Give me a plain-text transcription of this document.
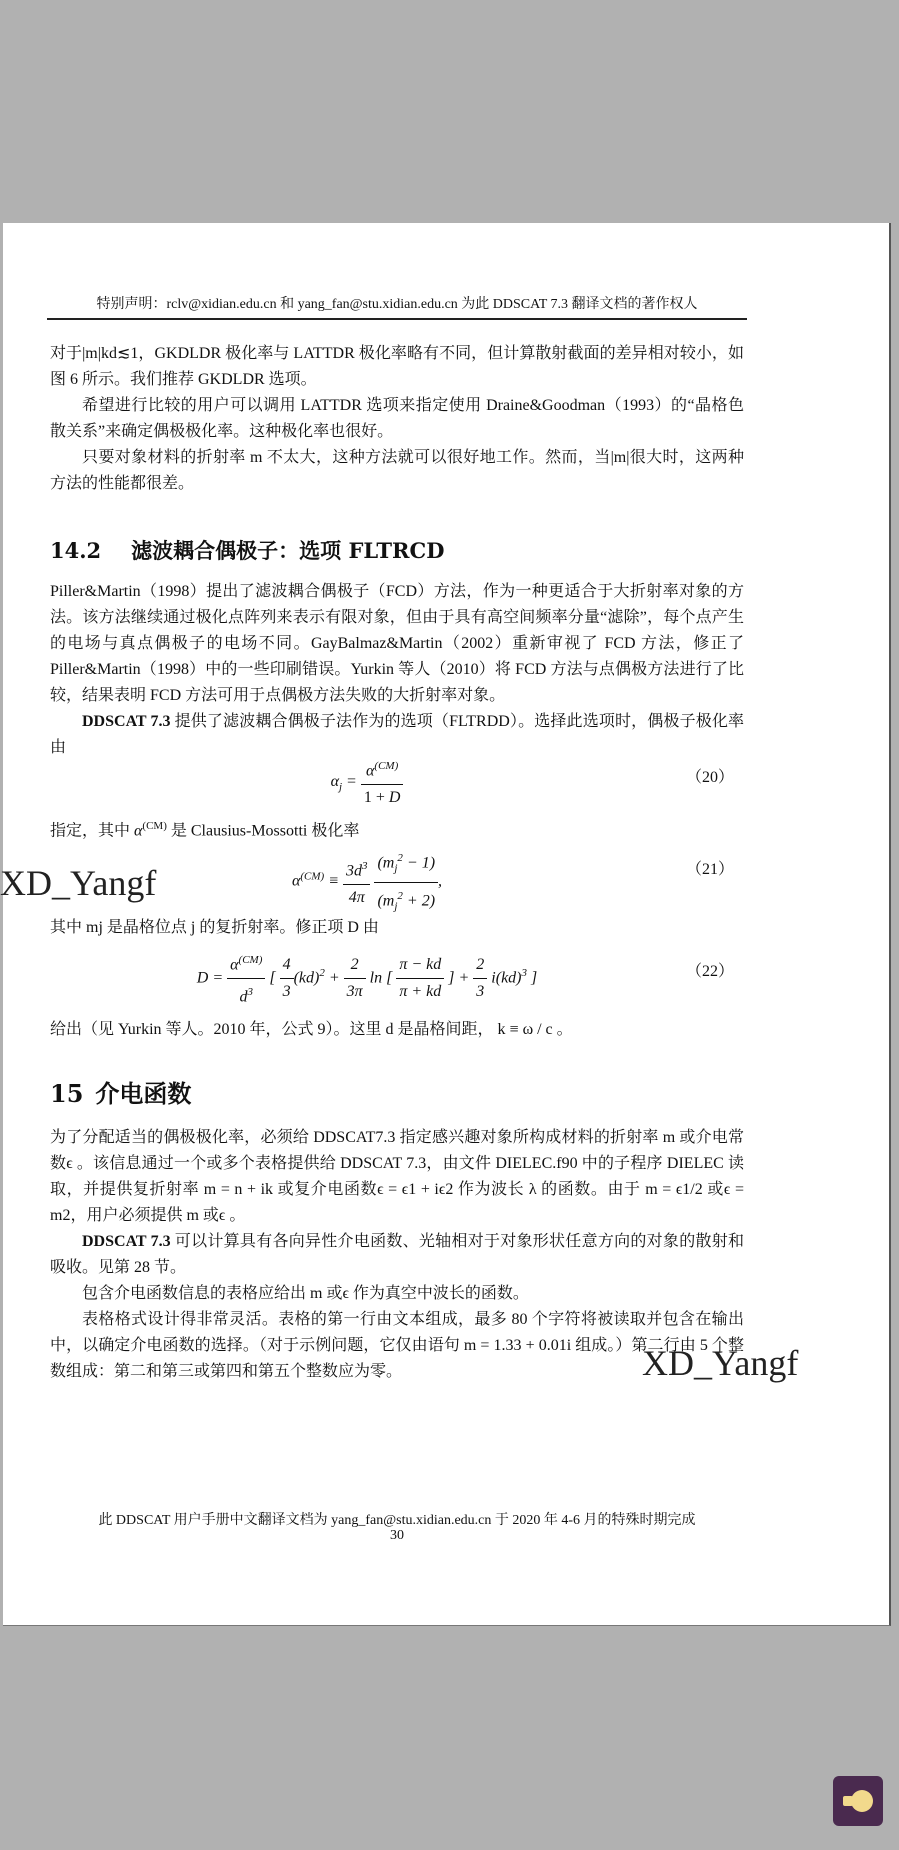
特别声明：rclv@xidian.edu.cn 和 yang_fan@stu.xidian.edu.cn 为此 DDSCAT 7.3 翻译文档的著作权人

对于|m|kd≲1，GKDLDR 极化率与 LATTDR 极化率略有不同，但计算散射截面的差异相对较小，如图 6 所示。我们推荐 GKDLDR 选项。

希望进行比较的用户可以调用 LATTDR 选项来指定使用 Draine&Goodman（1993）的“晶格色散关系”来确定偶极极化率。这种极化率也很好。

只要对象材料的折射率 m 不太大，这种方法就可以很好地工作。然而，当|m|很大时，这两种方法的性能都很差。

14.2 滤波耦合偶极子：选项 FLTRCD

Piller&Martin（1998）提出了滤波耦合偶极子（FCD）方法，作为一种更适合于大折射率对象的方法。该方法继续通过极化点阵列来表示有限对象，但由于具有高空间频率分量“滤除”，每个点产生的电场与真点偶极子的电场不同。GayBalmaz&Martin（2002）重新审视了 FCD 方法，修正了 Piller&Martin（1998）中的一些印刷错误。Yurkin 等人（2010）将 FCD 方法与点偶极方法进行了比较，结果表明 FCD 方法可用于点偶极方法失败的大折射率对象。

DDSCAT 7.3 提供了滤波耦合偶极子法作为的选项（FLTRDD）。选择此选项时，偶极子极化率由

$\alpha_j = \frac{\alpha^{(CM)}}{1 + D}$	（20）

指定，其中 $\alpha^{(CM)}$ 是 Clausius-Mossotti 极化率

$\alpha^{(CM)} \equiv \frac{3d^3}{4\pi}$
$\frac{(m_j^2 - 1)}{(m_j^2 + 2)}$ ,
（21）

其中 mj 是晶格位点 j 的复折射率。修正项 D 由

$D = \frac{\alpha^{(CM)}}{d^3}$ [ $\frac{4}{3} (kd)^2 + \frac{2}{3\pi}$ ln [ $\frac{\pi - kd}{\pi + kd}$ ] + $\frac{2}{3} i(kd)^3$ ]	（22）

给出（见 Yurkin 等人。2010 年，公式 9）。这里 d 是晶格间距， k ≡ ω / c 。

15 介电函数

为了分配适当的偶极极化率，必须给 DDSCAT7.3 指定感兴趣对象所构成材料的折射率 m 或介电常数ϵ 。该信息通过一个或多个表格提供给 DDSCAT 7.3，由文件 DIELEC.f90 中的子程序 DIELEC 读取，并提供复折射率 m = n + ik 或复介电函数ϵ = ϵ1 + iϵ2 作为波长 λ 的函数。由于 m = ϵ1/2 或ϵ = m2，用户必须提供 m 或ϵ 。

DDSCAT 7.3 可以计算具有各向异性介电函数、光轴相对于对象形状任意方向的对象的散射和吸收。见第 28 节。

包含介电函数信息的表格应给出 m 或ϵ 作为真空中波长的函数。

表格格式设计得非常灵活。表格的第一行由文本组成，最多 80 个字符将被读取并包含在输出中，以确定介电函数的选择。（对于示例问题，它仅由语句 m = 1.33 + 0.01i 组成。）第二行由 5 个整数组成：第二和第三或第四和第五个整数应为零。

此 DDSCAT 用户手册中文翻译文档为 yang_fan@stu.xidian.edu.cn 于 2020 年 4-6 月的特殊时期完成
30
XD_Yangf
XD_Yangf
